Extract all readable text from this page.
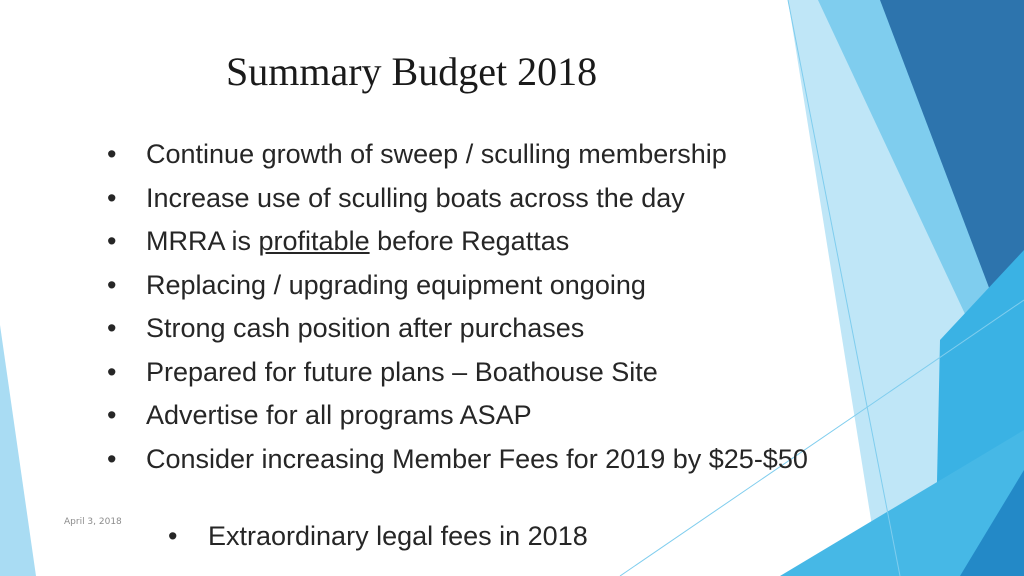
Summary Budget 2018
• Continue growth of sweep / sculling membership
• Increase use of sculling boats across the day
• MRRA is profitable before Regattas
• Replacing / upgrading equipment ongoing
• Strong cash position after purchases
• Prepared for future plans – Boathouse Site
• Advertise for all programs ASAP
• Consider increasing Member Fees for 2019 by $25-$50
• Extraordinary legal fees in 2018
April 3, 2018
